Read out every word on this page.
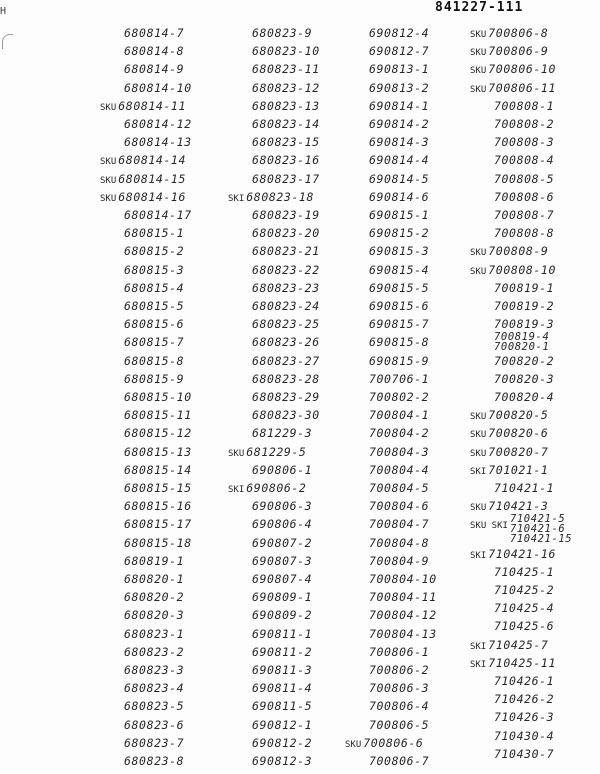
H	841227-111
680814-7
680814-8
680814-9
680814-10
SKU 680814-11
680814-12
680814-13
SKU 680814-14
SKU 680814-15
SKU 680814-16
680814-17
680815-1
680815-2
680815-3
680815-4
680815-5
680815-6
680815-7
680815-8
680815-9
680815-10
680815-11
680815-12
680815-13
680815-14
680815-15
680815-16
680815-17
680815-18
680819-1
680820-1
680820-2
680820-3
680823-1
680823-2
680823-3
680823-4
680823-5
680823-6
680823-7
680823-8
680823-9
680823-10
680823-11
680823-12
680823-13
680823-14
680823-15
680823-16
680823-17
SKI 680823-18
680823-19
680823-20
680823-21
680823-22
680823-23
680823-24
680823-25
680823-26
680823-27
680823-28
680823-29
680823-30
681229-3
SKU 681229-5
690806-1
SKI 690806-2
690806-3
690806-4
690807-2
690807-3
690807-4
690809-1
690809-2
690811-1
690811-2
690811-3
690811-4
690811-5
690812-1
690812-2
690812-3
690812-4
690812-7
690813-1
690813-2
690814-1
690814-2
690814-3
690814-4
690814-5
690814-6
690815-1
690815-2
690815-3
690815-4
690815-5
690815-6
690815-7
690815-8
690815-9
700706-1
700802-2
700804-1
700804-2
700804-3
700804-4
700804-5
700804-6
700804-7
700804-8
700804-9
700804-10
700804-11
700804-12
700804-13
700806-1
700806-2
700806-3
700806-4
700806-5
SKU 700806-6
700806-7
SKU 700806-8
SKU 700806-9
SKU 700806-10
SKU 700806-11
700808-1
700808-2
700808-3
700808-4
700808-5
700808-6
700808-7
700808-8
SKU 700808-9
SKU 700808-10
700819-1
700819-2
700819-3
700819-4
700820-1
700820-2
700820-3
700820-4
SKU 700820-5
SKU 700820-6
SKU 700820-7
SKI 701021-1
710421-1
SKU 710421-3
SKU SKI
710421-5
710421-6
710421-15
SKI 710421-16
710425-1
710425-2
710425-4
710425-6
SKI 710425-7
SKI 710425-11
710426-1
710426-2
710426-3
710430-4
710430-7
